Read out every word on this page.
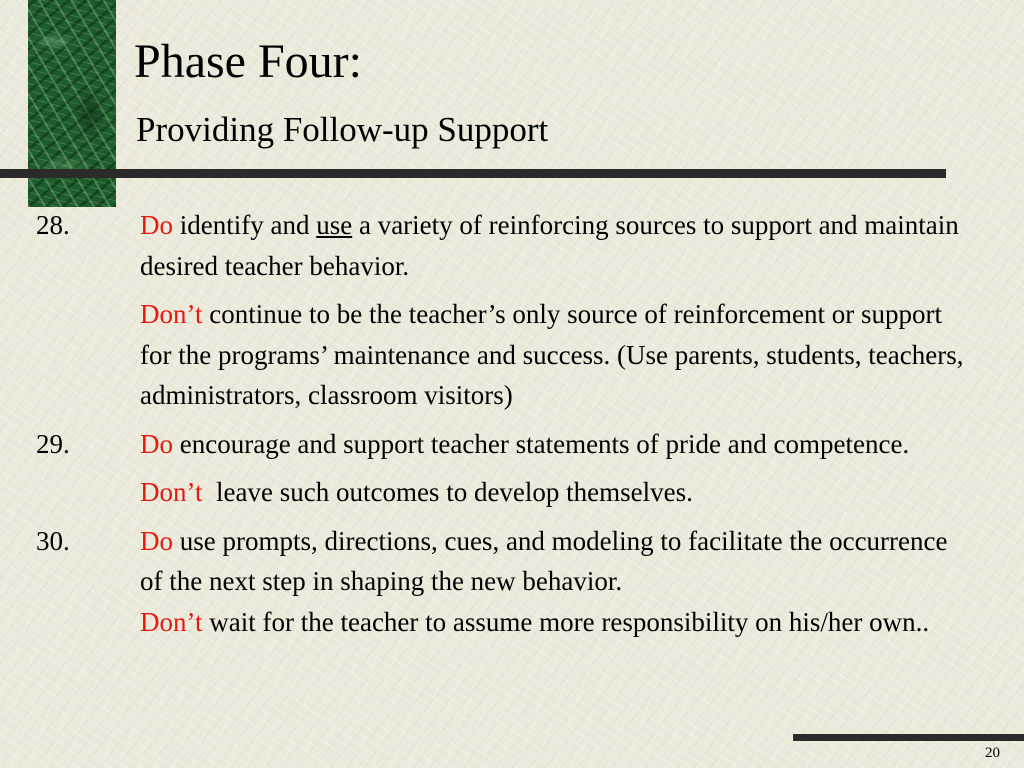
Phase Four:
Providing Follow-up Support
28.	Do identify and use a variety of reinforcing sources to support and maintain desired teacher behavior.

Don’t continue to be the teacher’s only source of reinforcement or support for the programs’ maintenance and success. (Use parents, students, teachers, administrators, classroom visitors)

29.	Do encourage and support teacher statements of pride and competence.

Don’t  leave such outcomes to develop themselves.

30.	Do use prompts, directions, cues, and modeling to facilitate the occurrence of the next step in shaping the new behavior.

Don’t wait for the teacher to assume more responsibility on his/her own..

20
